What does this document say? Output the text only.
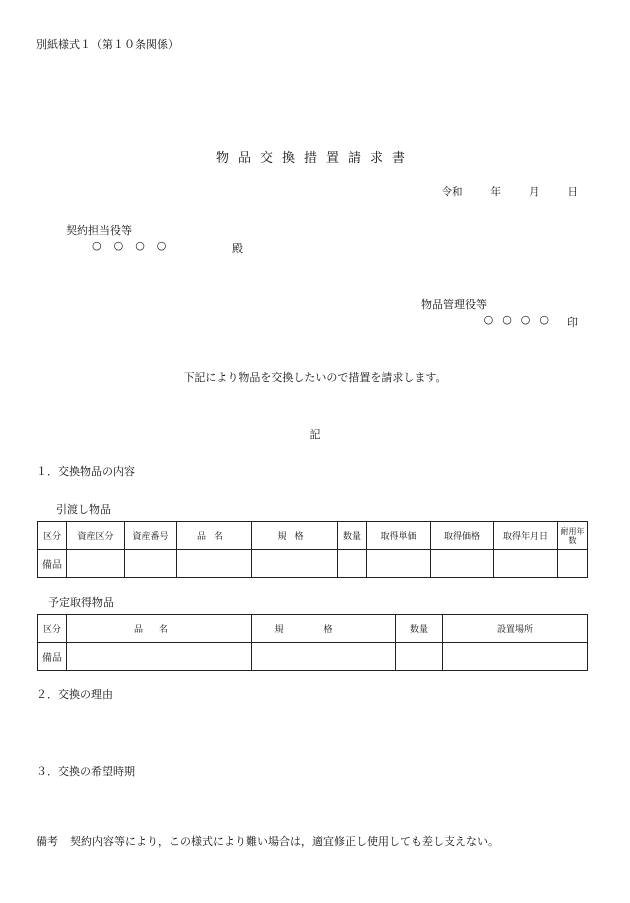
別紙様式１（第１０条関係）
物品交換措置請求書
令和	年	月	日
契約担当役等
○○○○	殿
物品管理役等
○○○○ 印
下記により物品を交換したいので措置を請求します。
記
１．交換物品の内容
引渡し物品
区分	資産区分	資産番号	品名	規格	数量	取得単価	取得価格	取得年月日	耐用年数
備品									
予定取得物品
区分	品名	規格	数量	設置場所
備品				
２．交換の理由
３．交換の希望時期
備考 契約内容等により，この様式により難い場合は，適宜修正し使用しても差し支えない。
